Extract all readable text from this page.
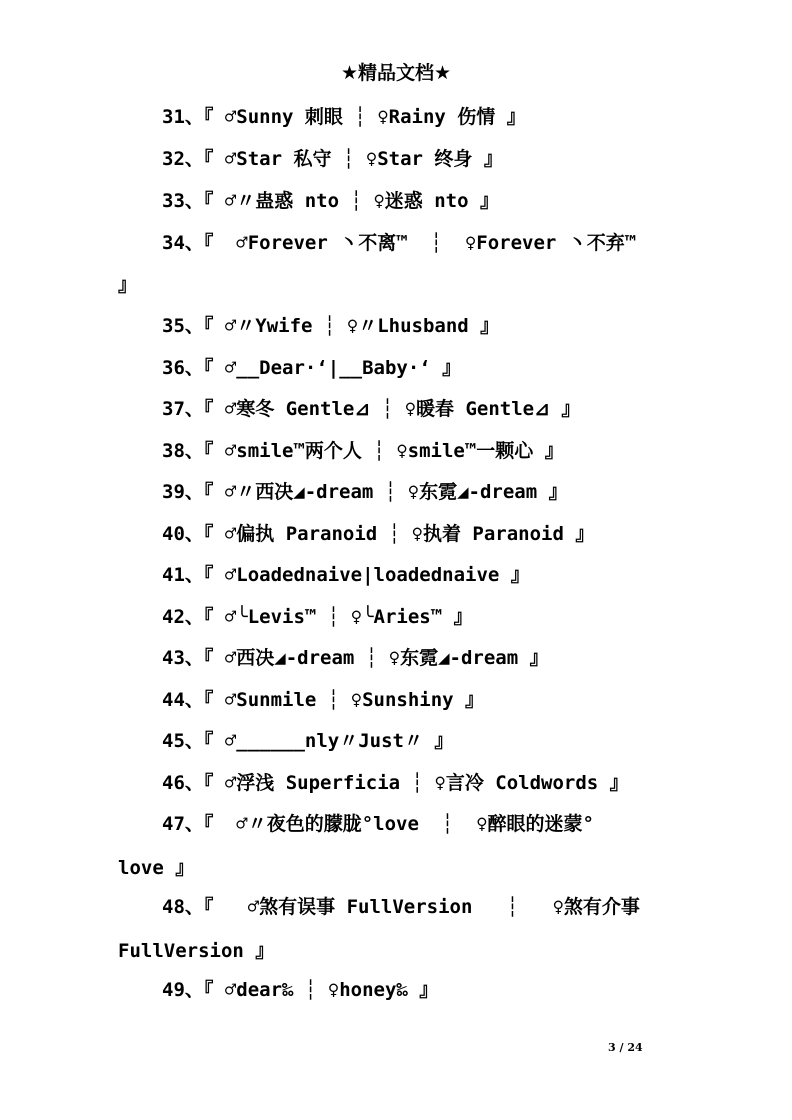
★精品文档★
31、『 ♂Sunny 刺眼 ┆ ♀Rainy 伤情 』
32、『 ♂Star 私守 ┆ ♀Star 终身 』
33、『 ♂〃蛊惑 nto ┆ ♀迷惑 nto 』
34、『  ♂Forever 丶不离™  ┆  ♀Forever 丶不弃™
』
35、『 ♂〃Ywife ┆ ♀〃Lhusband 』
36、『 ♂__Dear·‘|__Baby·‘ 』
37、『 ♂寒冬 Gentle⊿ ┆ ♀暖春 Gentle⊿ 』
38、『 ♂smile™两个人 ┆ ♀smile™一颗心 』
39、『 ♂〃西决◢-dream ┆ ♀东霓◢-dream 』
40、『 ♂偏执 Paranoid ┆ ♀执着 Paranoid 』
41、『 ♂Loadednaive|loadednaive 』
42、『 ♂╰Levis™ ┆ ♀╰Aries™ 』
43、『 ♂西决◢-dream ┆ ♀东霓◢-dream 』
44、『 ♂Sunmile ┆ ♀Sunshiny 』
45、『 ♂______nly〃Just〃 』
46、『 ♂浮浅 Superficia ┆ ♀言冷 Coldwords 』
47、『  ♂〃夜色的朦胧°love  ┆  ♀醉眼的迷蒙°
love 』
48、『   ♂煞有误事 FullVersion   ┆   ♀煞有介事
FullVersion 』
49、『 ♂dear‰ ┆ ♀honey‰ 』
3 / 24
